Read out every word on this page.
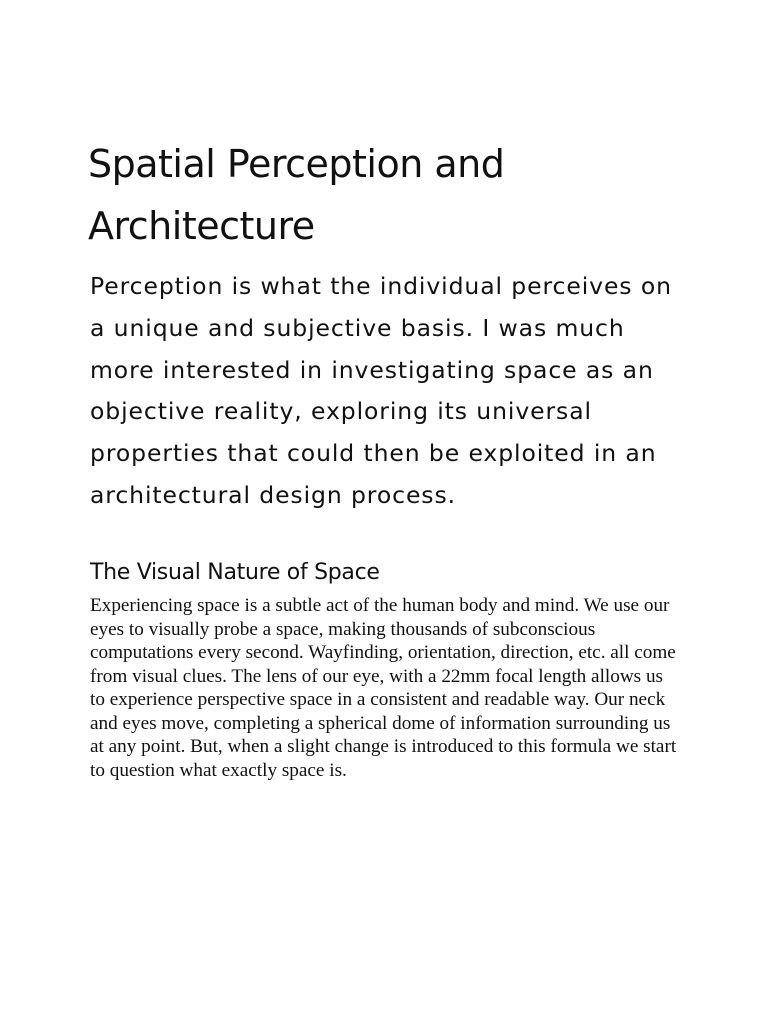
Spatial Perception and Architecture

Perception is what the individual perceives on a unique and subjective basis. I was much more interested in investigating space as an objective reality, exploring its universal properties that could then be exploited in an architectural design process.

The Visual Nature of Space

Experiencing space is a subtle act of the human body and mind. We use our eyes to visually probe a space, making thousands of subconscious computations every second. Wayfinding, orientation, direction, etc. all come from visual clues. The lens of our eye, with a 22mm focal length allows us to experience perspective space in a consistent and readable way. Our neck and eyes move, completing a spherical dome of information surrounding us at any point. But, when a slight change is introduced to this formula we start to question what exactly space is.
